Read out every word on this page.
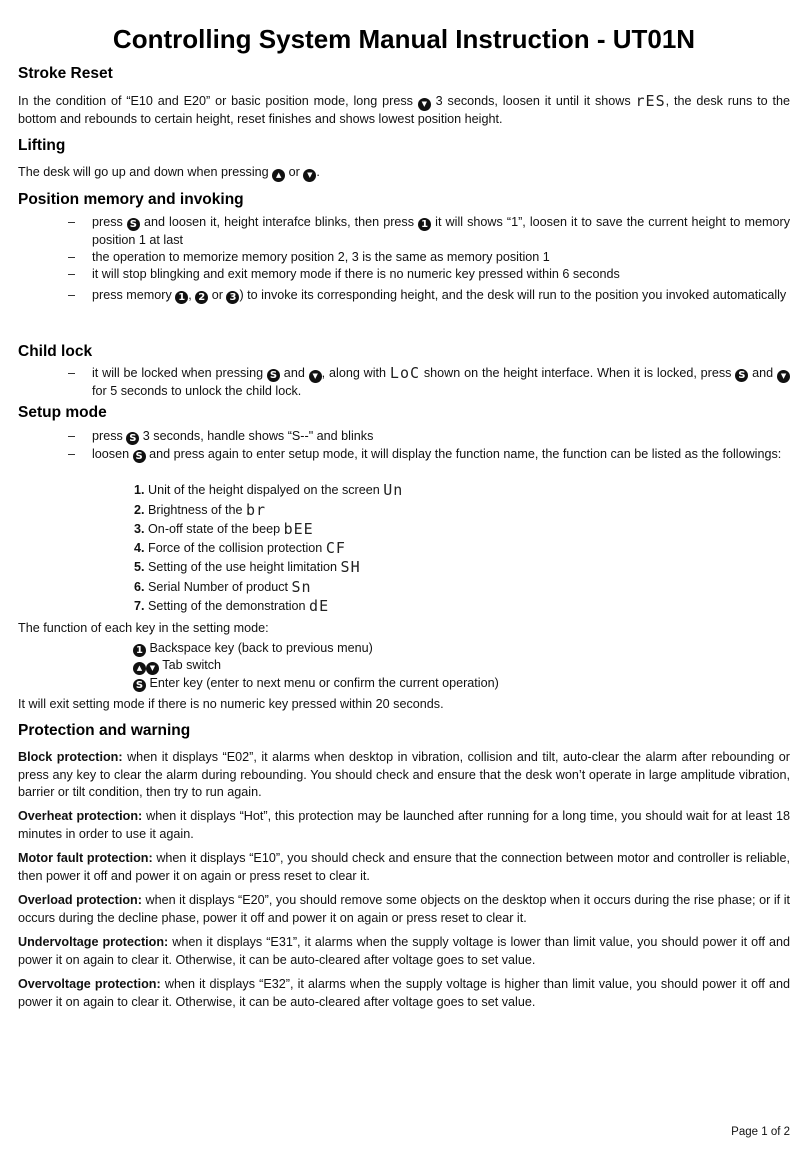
Controlling System Manual Instruction - UT01N
Stroke Reset
In the condition of “E10 and E20” or basic position mode, long press ▼ 3 seconds, loosen it until it shows rES, the desk runs to the bottom and rebounds to certain height, reset finishes and shows lowest position height.
Lifting
The desk will go up and down when pressing ▲ or ▼ .
Position memory and invoking
– press S and loosen it, height interafce blinks, then press 1 it will shows “1”, loosen it to save the current height to memory position 1 at last
– the operation to memorize memory position 2, 3 is the same as memory position 1
– it will stop blingking and exit memory mode if there is no numeric key pressed within 6 seconds
– press memory 1 , 2 or 3 ) to invoke its corresponding height, and the desk will run to the position you invoked automatically
Child lock
– it will be locked when pressing S and ▼ , along with LoC shown on the height interface. When it is locked, press S and ▼ for 5 seconds to unlock the child lock.
Setup mode
– press S 3 seconds, handle shows “S--" and blinks
– loosen S and press again to enter setup mode, it will display the function name, the function can be listed as the followings:
1. Unit of the height dispalyed on the screen Un
2. Brightness of the br
3. On-off state of the beep bEE
4. Force of the collision protection CF
5. Setting of the use height limitation SH
6. Serial Number of product Sn
7. Setting of the demonstration dE
The function of each key in the setting mode:
1 Backspace key (back to previous menu)
▲ ▼ Tab switch
S Enter key (enter to next menu or confirm the current operation)
It will exit setting mode if there is no numeric key pressed within 20 seconds.
Protection and warning
Block protection: when it displays “E02”, it alarms when desktop in vibration, collision and tilt, auto-clear the alarm after rebounding or press any key to clear the alarm during rebounding. You should check and ensure that the desk won’t operate in large amplitude vibration, barrier or tilt condition, then try to run again.
Overheat protection: when it displays “Hot”, this protection may be launched after running for a long time, you should wait for at least 18 minutes in order to use it again.
Motor fault protection: when it displays “E10”, you should check and ensure that the connection between motor and controller is reliable, then power it off and power it on again or press reset to clear it.
Overload protection: when it displays “E20”, you should remove some objects on the desktop when it occurs during the rise phase; or if it occurs during the decline phase, power it off and power it on again or press reset to clear it.
Undervoltage protection: when it displays “E31”, it alarms when the supply voltage is lower than limit value, you should power it off and power it on again to clear it. Otherwise, it can be auto-cleared after voltage goes to set value.
Overvoltage protection: when it displays “E32”, it alarms when the supply voltage is higher than limit value, you should power it off and power it on again to clear it. Otherwise, it can be auto-cleared after voltage goes to set value.
Page 1 of 2
